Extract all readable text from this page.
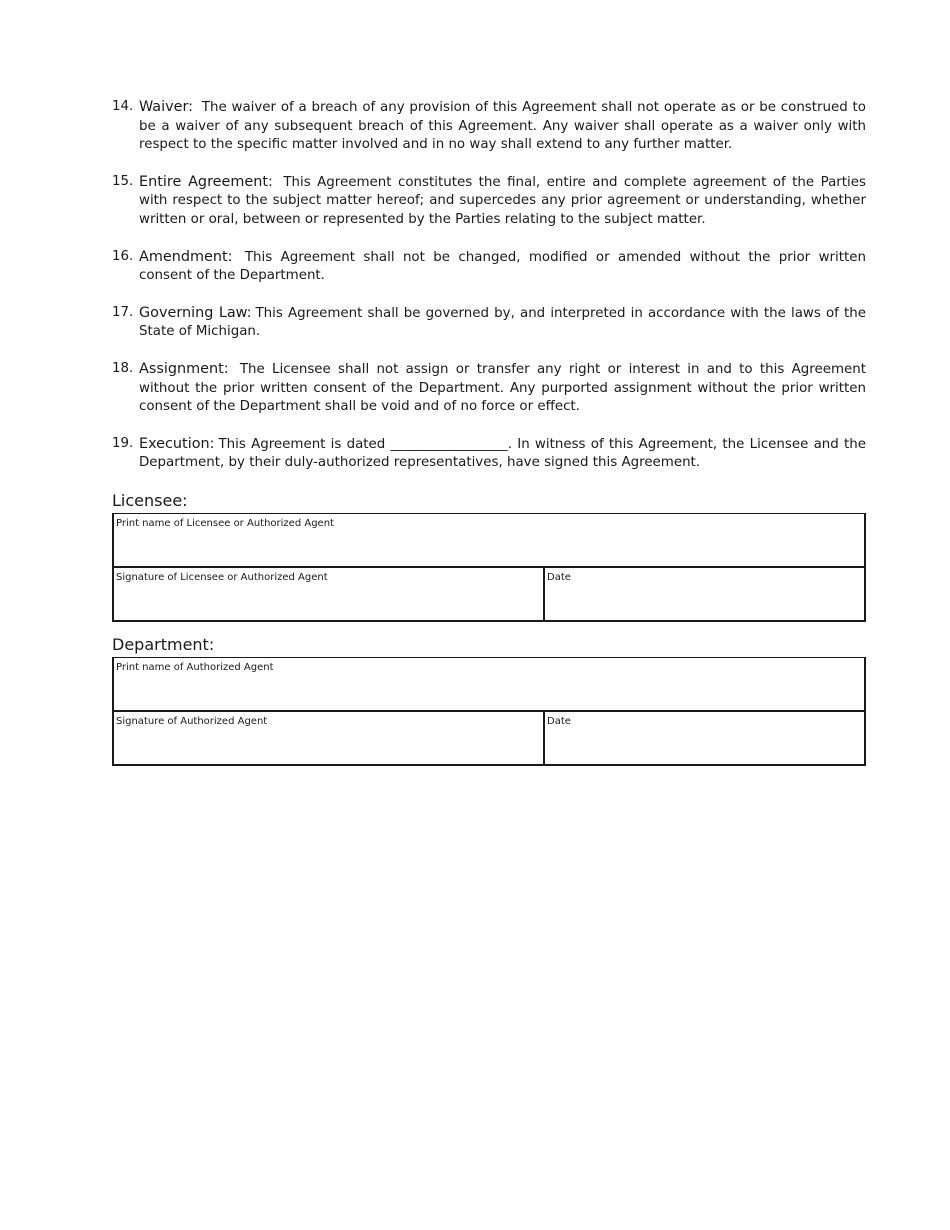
14. Waiver: The waiver of a breach of any provision of this Agreement shall not operate as or be construed to be a waiver of any subsequent breach of this Agreement. Any waiver shall operate as a waiver only with respect to the specific matter involved and in no way shall extend to any further matter.
15. Entire Agreement: This Agreement constitutes the final, entire and complete agreement of the Parties with respect to the subject matter hereof; and supercedes any prior agreement or understanding, whether written or oral, between or represented by the Parties relating to the subject matter.
16. Amendment: This Agreement shall not be changed, modified or amended without the prior written consent of the Department.
17. Governing Law: This Agreement shall be governed by, and interpreted in accordance with the laws of the State of Michigan.
18. Assignment: The Licensee shall not assign or transfer any right or interest in and to this Agreement without the prior written consent of the Department. Any purported assignment without the prior written consent of the Department shall be void and of no force or effect.
19. Execution: This Agreement is dated _________________. In witness of this Agreement, the Licensee and the Department, by their duly-authorized representatives, have signed this Agreement.
Licensee:
Print name of Licensee or Authorized Agent
Signature of Licensee or Authorized Agent	Date
Department:
Print name of Authorized Agent
Signature of Authorized Agent	Date
